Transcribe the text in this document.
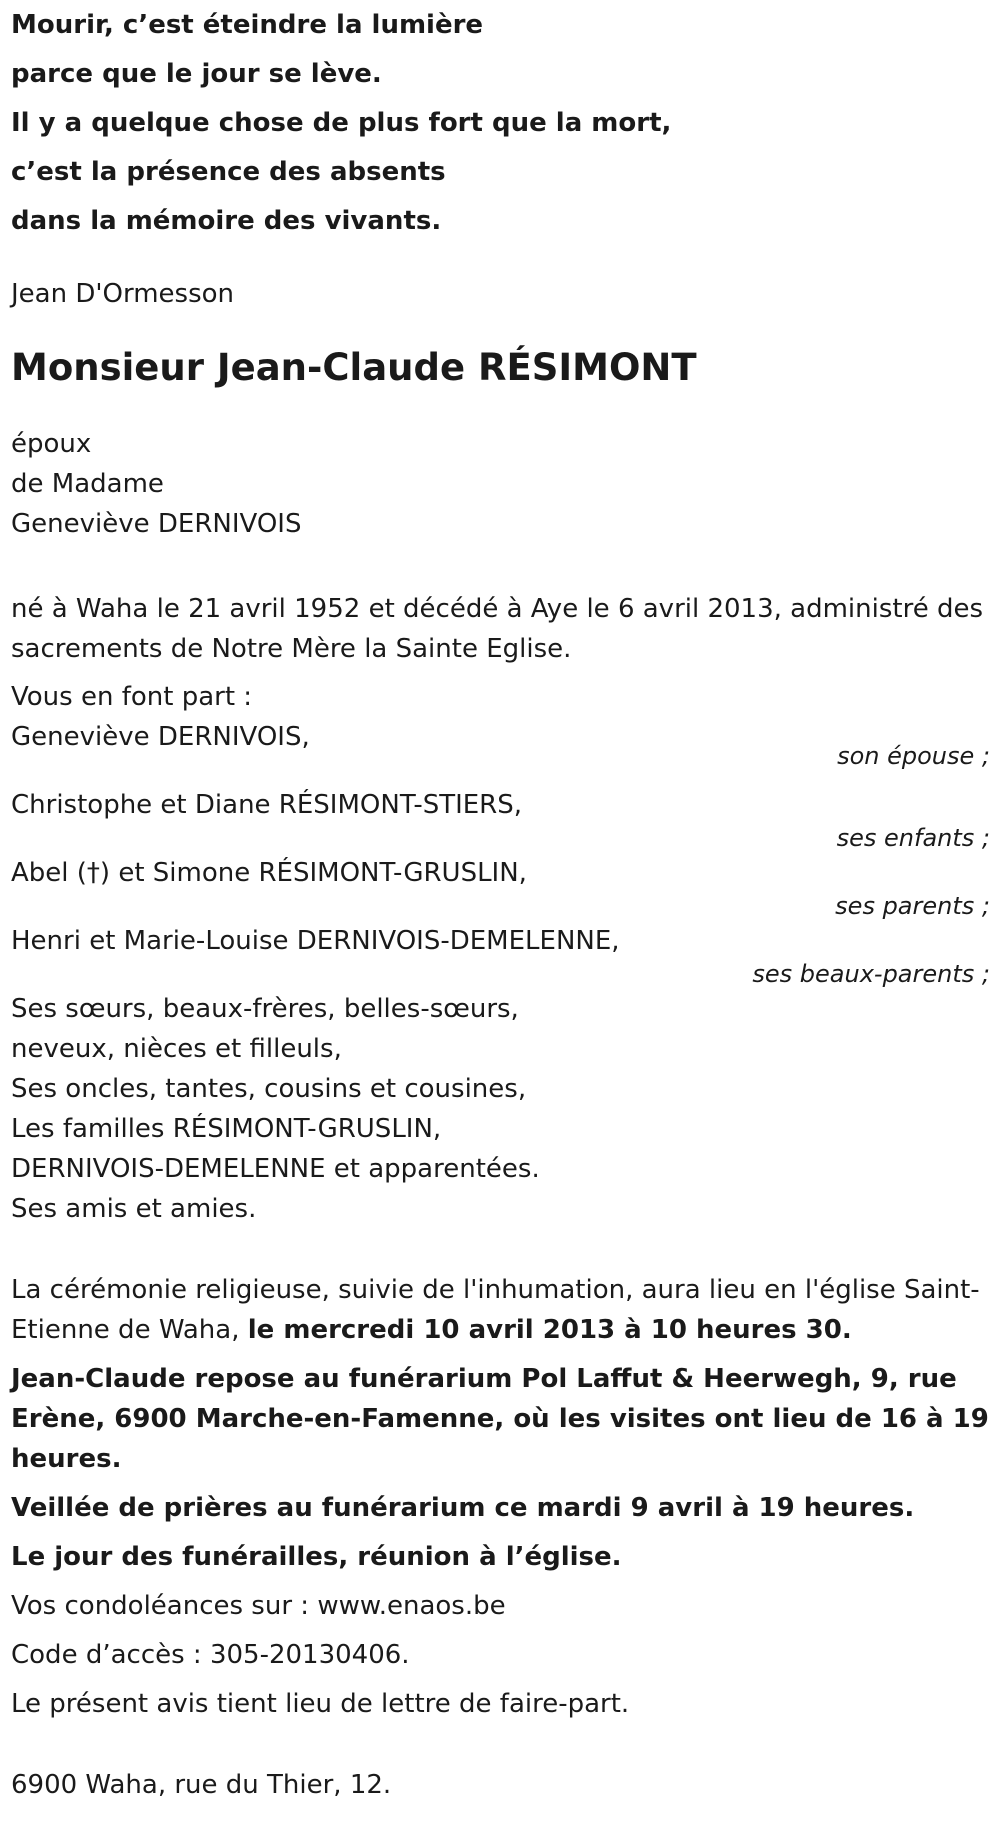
Mourir, c’est éteindre la lumière

parce que le jour se lève.

Il y a quelque chose de plus fort que la mort,

c’est la présence des absents

dans la mémoire des vivants.

Jean D'Ormesson
Monsieur Jean-Claude RÉSIMONT
époux
de Madame
Geneviève DERNIVOIS
né à Waha le 21 avril 1952 et décédé à Aye le 6 avril 2013, administré des sacrements de Notre Mère la Sainte Eglise.
Vous en font part :
Geneviève DERNIVOIS,
son épouse ;
Christophe et Diane RÉSIMONT-STIERS,
ses enfants ;
Abel (†) et Simone RÉSIMONT-GRUSLIN,
ses parents ;
Henri et Marie-Louise DERNIVOIS-DEMELENNE,
ses beaux-parents ;
Ses sœurs, beaux-frères, belles-sœurs,
neveux, nièces et filleuls,
Ses oncles, tantes, cousins et cousines,
Les familles RÉSIMONT-GRUSLIN,
DERNIVOIS-DEMELENNE et apparentées.
Ses amis et amies.
La cérémonie religieuse, suivie de l'inhumation, aura lieu en l'église Saint-Etienne de Waha, le mercredi 10 avril 2013 à 10 heures 30.
Jean-Claude repose au funérarium Pol Laffut & Heerwegh, 9, rue Erène, 6900 Marche-en-Famenne, où les visites ont lieu de 16 à 19 heures.
Veillée de prières au funérarium ce mardi 9 avril à 19 heures.
Le jour des funérailles, réunion à l’église.
Vos condoléances sur : www.enaos.be
Code d’accès : 305-20130406.
Le présent avis tient lieu de lettre de faire-part.
6900 Waha, rue du Thier, 12.
